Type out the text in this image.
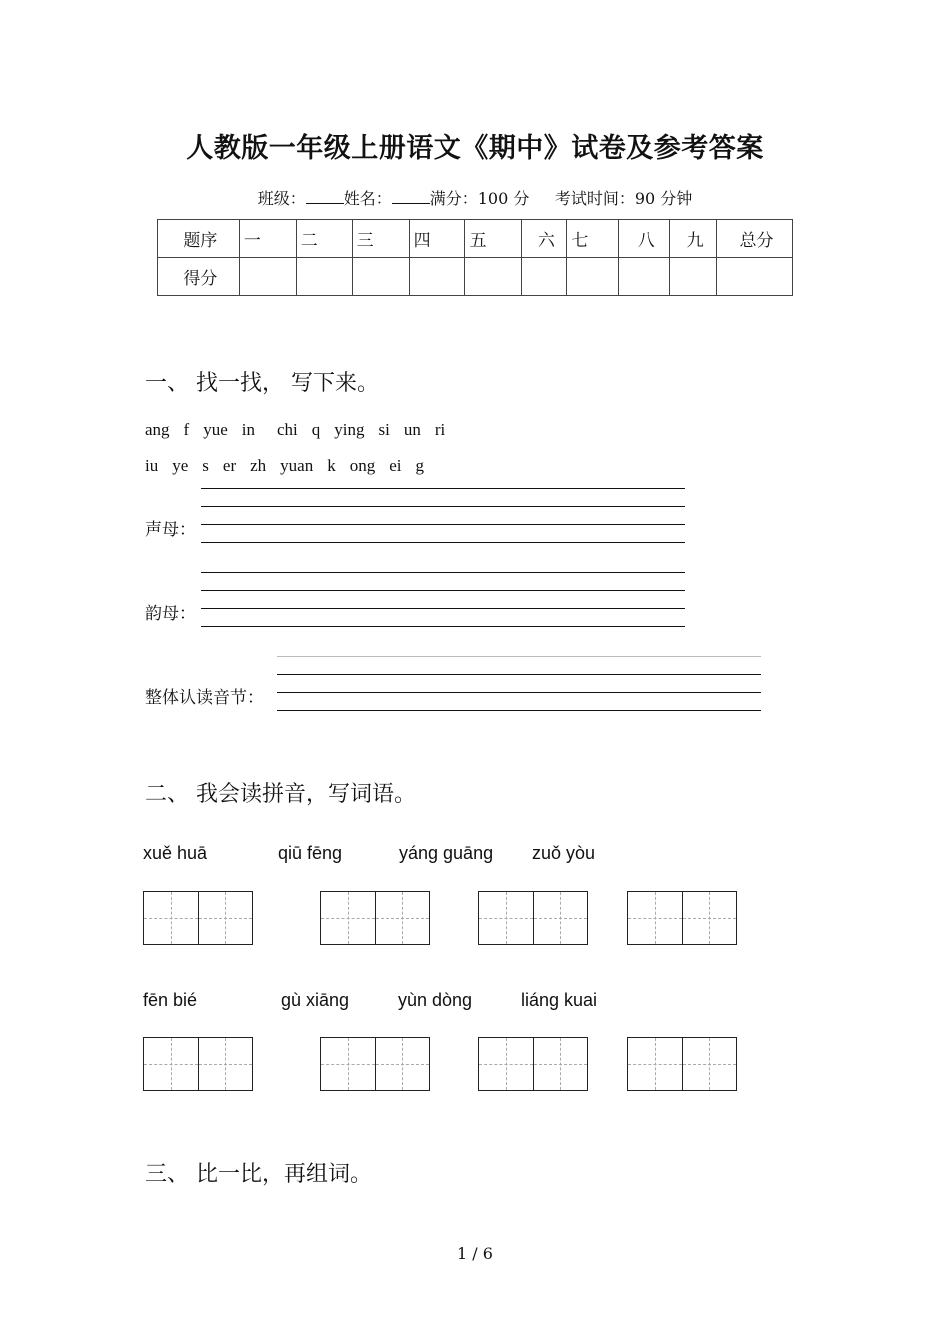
人教版一年级上册语文《期中》试卷及参考答案
班级： 姓名： 满分：100 分 考试时间：90 分钟
题序	一	二	三	四	五	六	七	八	九	总分
得分										
一、 找一找， 写下来。
ang f yue in chi q ying si un ri
iu ye s er zh yuan k ong ei g
声母：
韵母：
整体认读音节：
二、 我会读拼音，写词语。
xuě huā	qiū fēng	yáng guāng zuǒ yòu
fēn bié	gù xiāng	yùn dòng	liáng kuai
三、 比一比，再组词。
1 / 6
